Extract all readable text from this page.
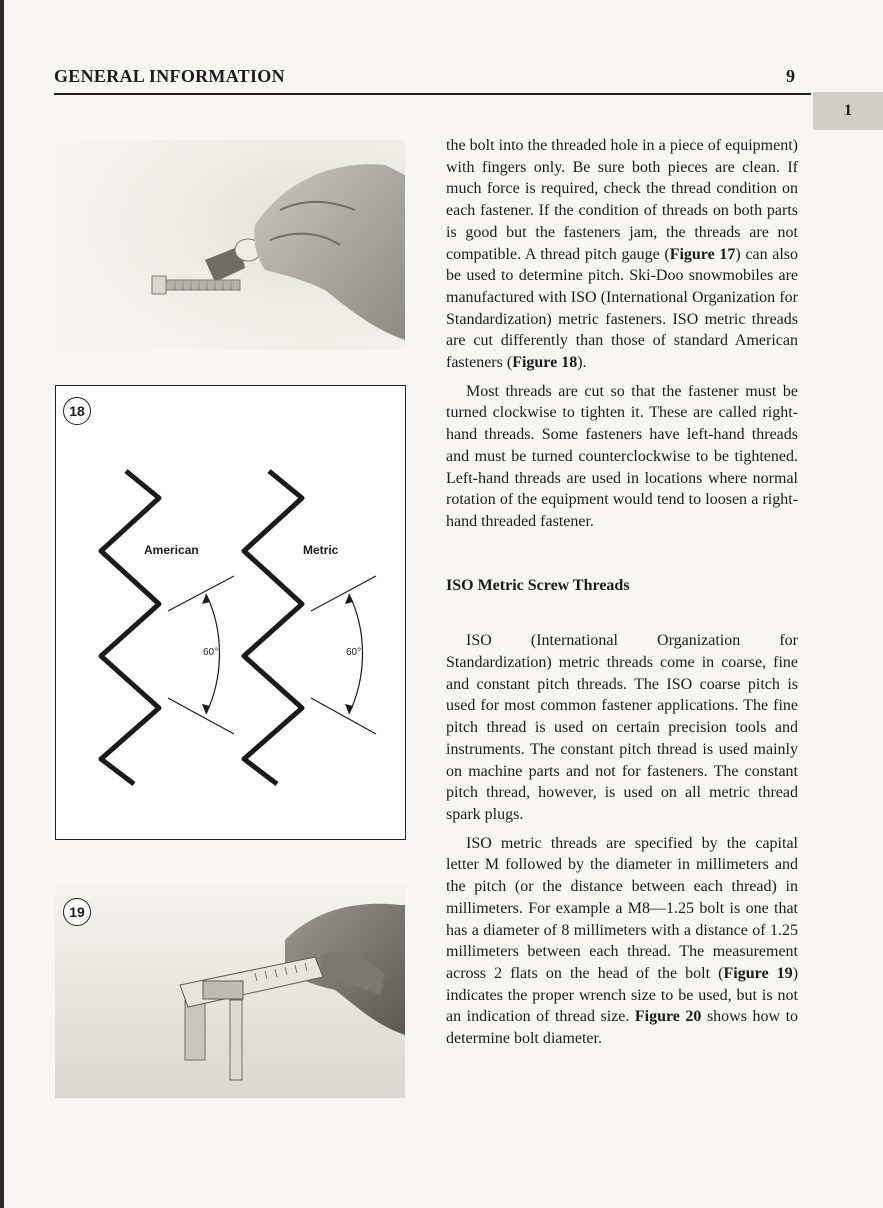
GENERAL INFORMATION	9
1
18
American	Metric
60°	60°
19

the bolt into the threaded hole in a piece of equipment) with fingers only. Be sure both pieces are clean. If much force is required, check the thread condition on each fastener. If the condition of threads on both parts is good but the fasteners jam, the threads are not compatible. A thread pitch gauge (Figure 17) can also be used to determine pitch. Ski-Doo snowmobiles are manufactured with ISO (International Organization for Standardization) metric fasteners. ISO metric threads are cut differently than those of standard American fasteners (Figure 18).

Most threads are cut so that the fastener must be turned clockwise to tighten it. These are called right-hand threads. Some fasteners have left-hand threads and must be turned counterclockwise to be tightened. Left-hand threads are used in locations where normal rotation of the equipment would tend to loosen a right-hand threaded fastener.

ISO Metric Screw Threads

ISO (International Organization for Standardization) metric threads come in coarse, fine and constant pitch threads. The ISO coarse pitch is used for most common fastener applications. The fine pitch thread is used on certain precision tools and instruments. The constant pitch thread is used mainly on machine parts and not for fasteners. The constant pitch thread, however, is used on all metric thread spark plugs.

ISO metric threads are specified by the capital letter M followed by the diameter in millimeters and the pitch (or the distance between each thread) in millimeters. For example a M8—1.25 bolt is one that has a diameter of 8 millimeters with a distance of 1.25 millimeters between each thread. The measurement across 2 flats on the head of the bolt (Figure 19) indicates the proper wrench size to be used, but is not an indication of thread size. Figure 20 shows how to determine bolt diameter.
